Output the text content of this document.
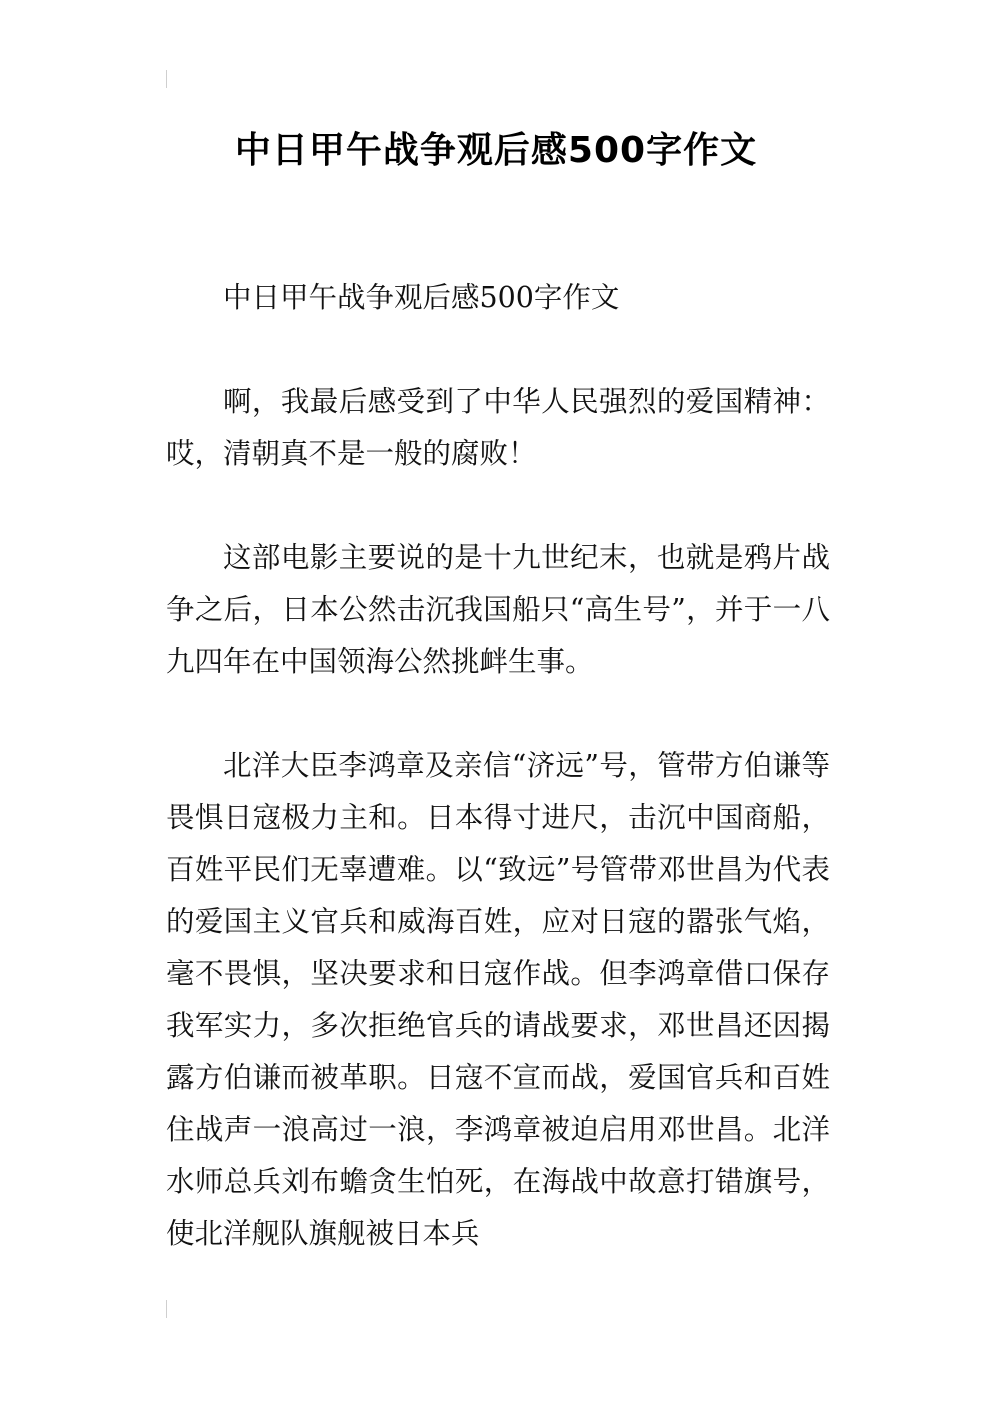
中日甲午战争观后感500字作文

中日甲午战争观后感500字作文

啊，我最后感受到了中华人民强烈的爱国精神：哎，清朝真不是一般的腐败！

这部电影主要说的是十九世纪末，也就是鸦片战争之后，日本公然击沉我国船只“高生号”，并于一八九四年在中国领海公然挑衅生事。

北洋大臣李鸿章及亲信“济远”号，管带方伯谦等畏惧日寇极力主和。日本得寸进尺，击沉中国商船，百姓平民们无辜遭难。以“致远”号管带邓世昌为代表的爱国主义官兵和威海百姓，应对日寇的嚣张气焰，毫不畏惧，坚决要求和日寇作战。但李鸿章借口保存我军实力，多次拒绝官兵的请战要求，邓世昌还因揭露方伯谦而被革职。日寇不宣而战，爱国官兵和百姓住战声一浪高过一浪，李鸿章被迫启用邓世昌。北洋水师总兵刘布蟾贪生怕死，在海战中故意打错旗号，使北洋舰队旗舰被日本兵
